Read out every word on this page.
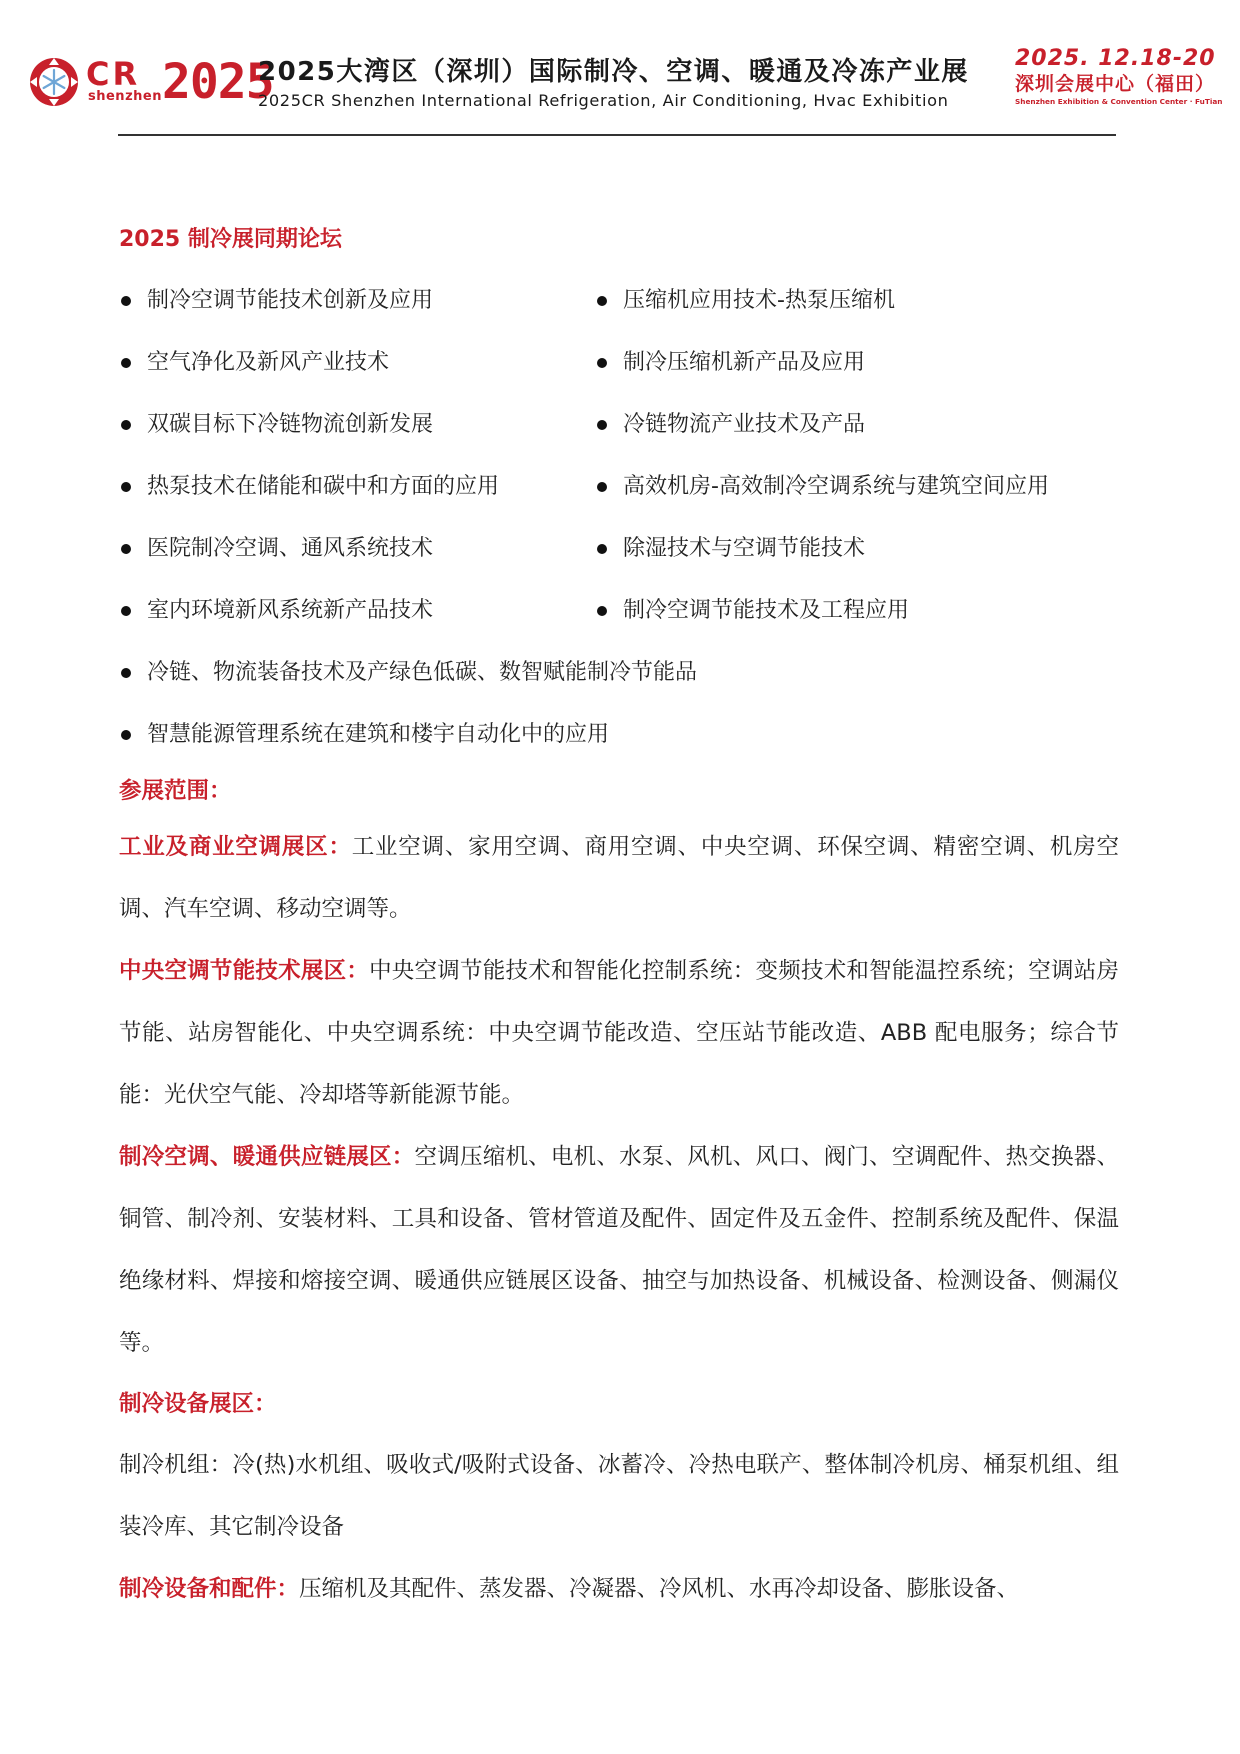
CR
shenzhen 2025
2025大湾区（深圳）国际制冷、空调、暖通及冷冻产业展
2025CR Shenzhen International Refrigeration, Air Conditioning, Hvac Exhibition
2025. 12.18-20
深圳会展中心（福田）
Shenzhen Exhibition & Convention Center · FuTian
2025 制冷展同期论坛
制冷空调节能技术创新及应用	压缩机应用技术-热泵压缩机
空气净化及新风产业技术	制冷压缩机新产品及应用
双碳目标下冷链物流创新发展	冷链物流产业技术及产品
热泵技术在储能和碳中和方面的应用	高效机房-高效制冷空调系统与建筑空间应用
医院制冷空调、通风系统技术	除湿技术与空调节能技术
室内环境新风系统新产品技术	制冷空调节能技术及工程应用
冷链、物流装备技术及产绿色低碳、数智赋能制冷节能品
智慧能源管理系统在建筑和楼宇自动化中的应用
参展范围：

工业及商业空调展区：工业空调、家用空调、商用空调、中央空调、环保空调、精密空调、机房空调、汽车空调、移动空调等。

中央空调节能技术展区：中央空调节能技术和智能化控制系统：变频技术和智能温控系统；空调站房节能、站房智能化、中央空调系统：中央空调节能改造、空压站节能改造、ABB 配电服务；综合节能：光伏空气能、冷却塔等新能源节能。

制冷空调、暖通供应链展区：空调压缩机、电机、水泵、风机、风口、阀门、空调配件、热交换器、铜管、制冷剂、安装材料、工具和设备、管材管道及配件、固定件及五金件、控制系统及配件、保温绝缘材料、焊接和熔接空调、暖通供应链展区设备、抽空与加热设备、机械设备、检测设备、侧漏仪等。

制冷设备展区：

制冷机组：冷(热)水机组、吸收式/吸附式设备、冰蓄冷、冷热电联产、整体制冷机房、桶泵机组、组装冷库、其它制冷设备

制冷设备和配件：压缩机及其配件、蒸发器、冷凝器、冷风机、水再冷却设备、膨胀设备、
